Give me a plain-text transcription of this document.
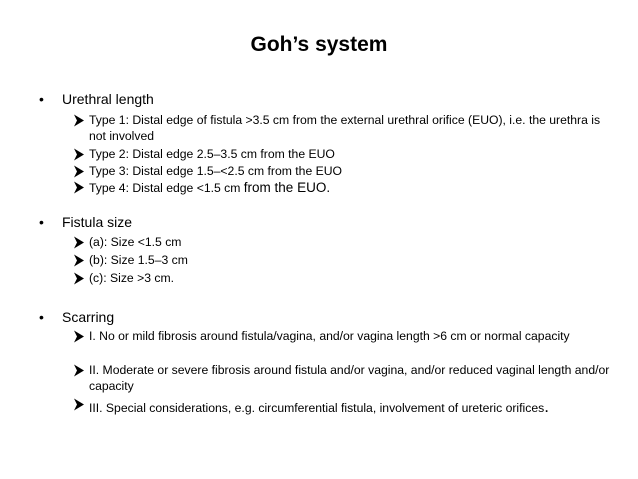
Goh’s system
• Urethral length
Type 1: Distal edge of fistula >3.5 cm from the external urethral orifice (EUO), i.e. the urethra is not involved
Type 2: Distal edge 2.5–3.5 cm from the EUO
Type 3: Distal edge 1.5–<2.5 cm from the EUO
Type 4: Distal edge <1.5 cm from the EUO.
• Fistula size
(a): Size <1.5 cm
(b): Size 1.5–3 cm
(c): Size >3 cm.
• Scarring
I. No or mild fibrosis around fistula/vagina, and/or vagina length >6 cm or normal capacity
II. Moderate or severe fibrosis around fistula and/or vagina, and/or reduced vaginal length and/or capacity
III. Special considerations, e.g. circumferential fistula, involvement of ureteric orifices.
